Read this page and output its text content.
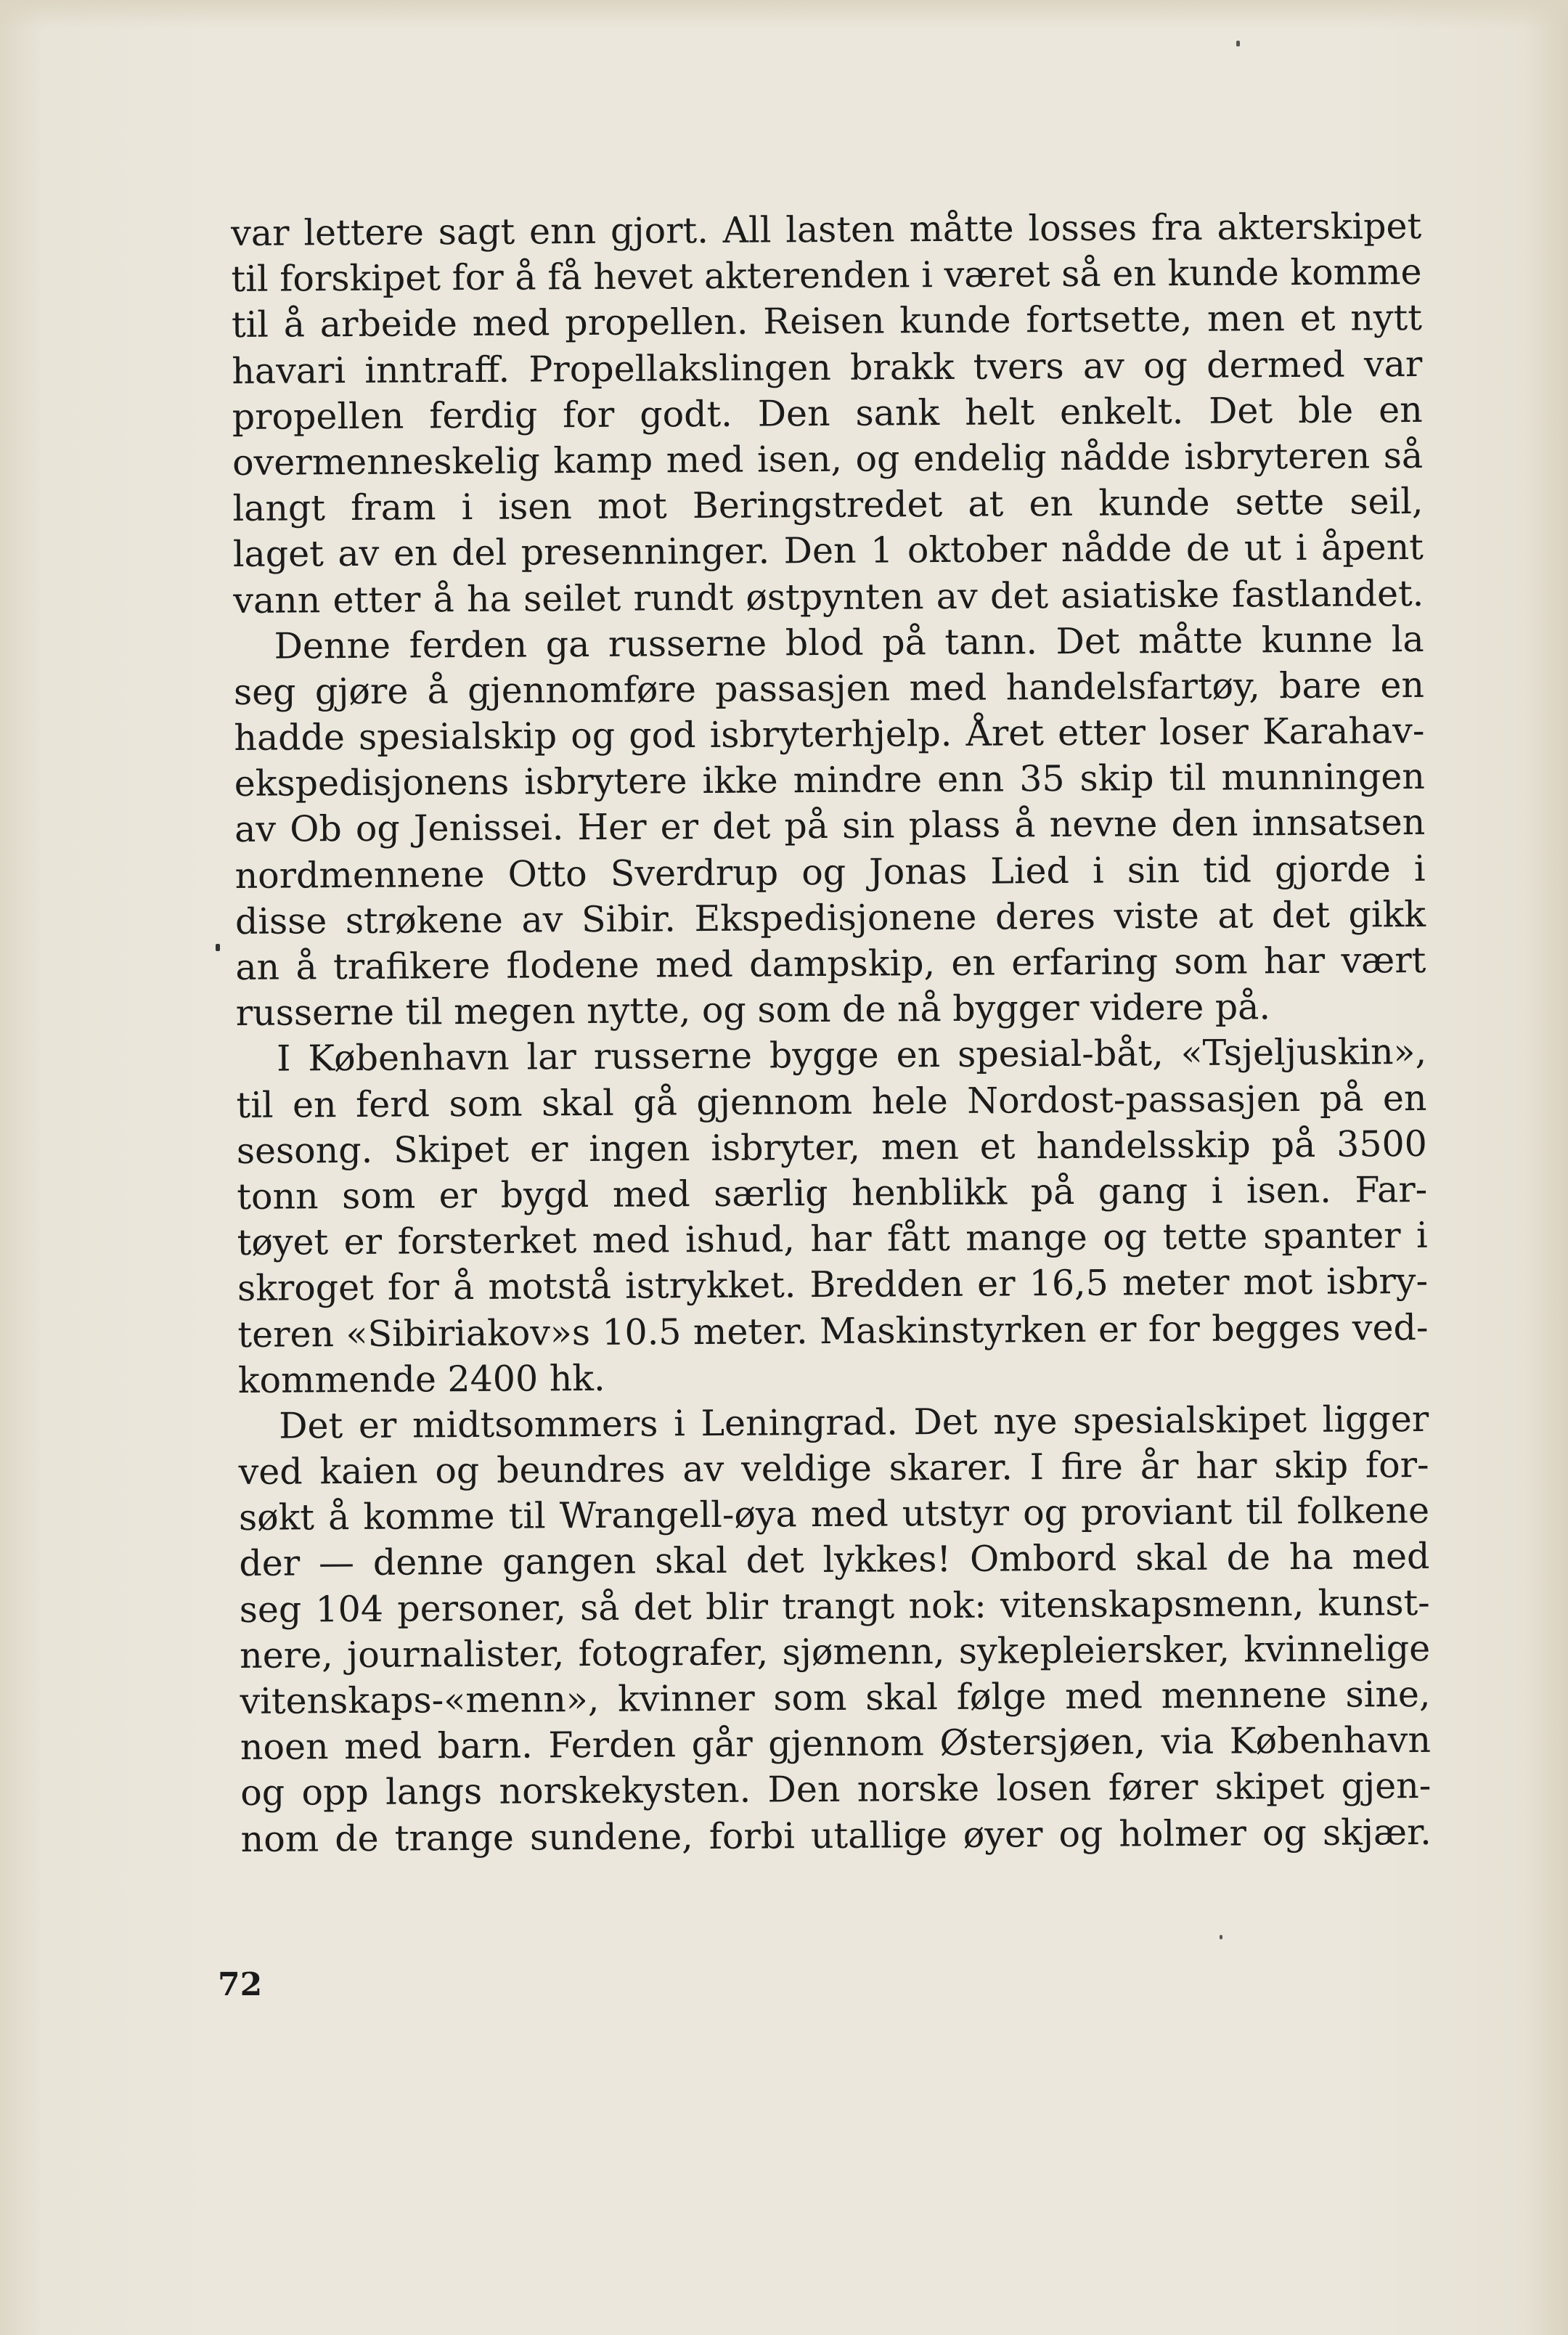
var lettere sagt enn gjort. All lasten måtte losses fra akterskipet
til forskipet for å få hevet akterenden i været så en kunde komme
til å arbeide med propellen. Reisen kunde fortsette, men et nytt
havari inntraff. Propellakslingen brakk tvers av og dermed var
propellen ferdig for godt. Den sank helt enkelt. Det ble en
overmenneskelig kamp med isen, og endelig nådde isbryteren så
langt fram i isen mot Beringstredet at en kunde sette seil,
laget av en del presenninger. Den 1 oktober nådde de ut i åpent
vann etter å ha seilet rundt østpynten av det asiatiske fastlandet.
Denne ferden ga russerne blod på tann. Det måtte kunne la
seg gjøre å gjennomføre passasjen med handelsfartøy, bare en
hadde spesialskip og god isbryterhjelp. Året etter loser Karahav-
ekspedisjonens isbrytere ikke mindre enn 35 skip til munningen
av Ob og Jenissei. Her er det på sin plass å nevne den innsatsen
nordmennene Otto Sverdrup og Jonas Lied i sin tid gjorde i
disse strøkene av Sibir. Ekspedisjonene deres viste at det gikk
an å trafikere flodene med dampskip, en erfaring som har vært
russerne til megen nytte, og som de nå bygger videre på.
I København lar russerne bygge en spesial-båt, «Tsjeljuskin»,
til en ferd som skal gå gjennom hele Nordost-passasjen på en
sesong. Skipet er ingen isbryter, men et handelsskip på 3500
tonn som er bygd med særlig henblikk på gang i isen. Far-
tøyet er forsterket med ishud, har fått mange og tette spanter i
skroget for å motstå istrykket. Bredden er 16,5 meter mot isbry-
teren «Sibiriakov»s 10.5 meter. Maskinstyrken er for begges ved-
kommende 2400 hk.
Det er midtsommers i Leningrad. Det nye spesialskipet ligger
ved kaien og beundres av veldige skarer. I fire år har skip for-
søkt å komme til Wrangell-øya med utstyr og proviant til folkene
der — denne gangen skal det lykkes! Ombord skal de ha med
seg 104 personer, så det blir trangt nok: vitenskapsmenn, kunst-
nere, journalister, fotografer, sjømenn, sykepleiersker, kvinnelige
vitenskaps-«menn», kvinner som skal følge med mennene sine,
noen med barn. Ferden går gjennom Østersjøen, via København
og opp langs norskekysten. Den norske losen fører skipet gjen-
nom de trange sundene, forbi utallige øyer og holmer og skjær.
72
